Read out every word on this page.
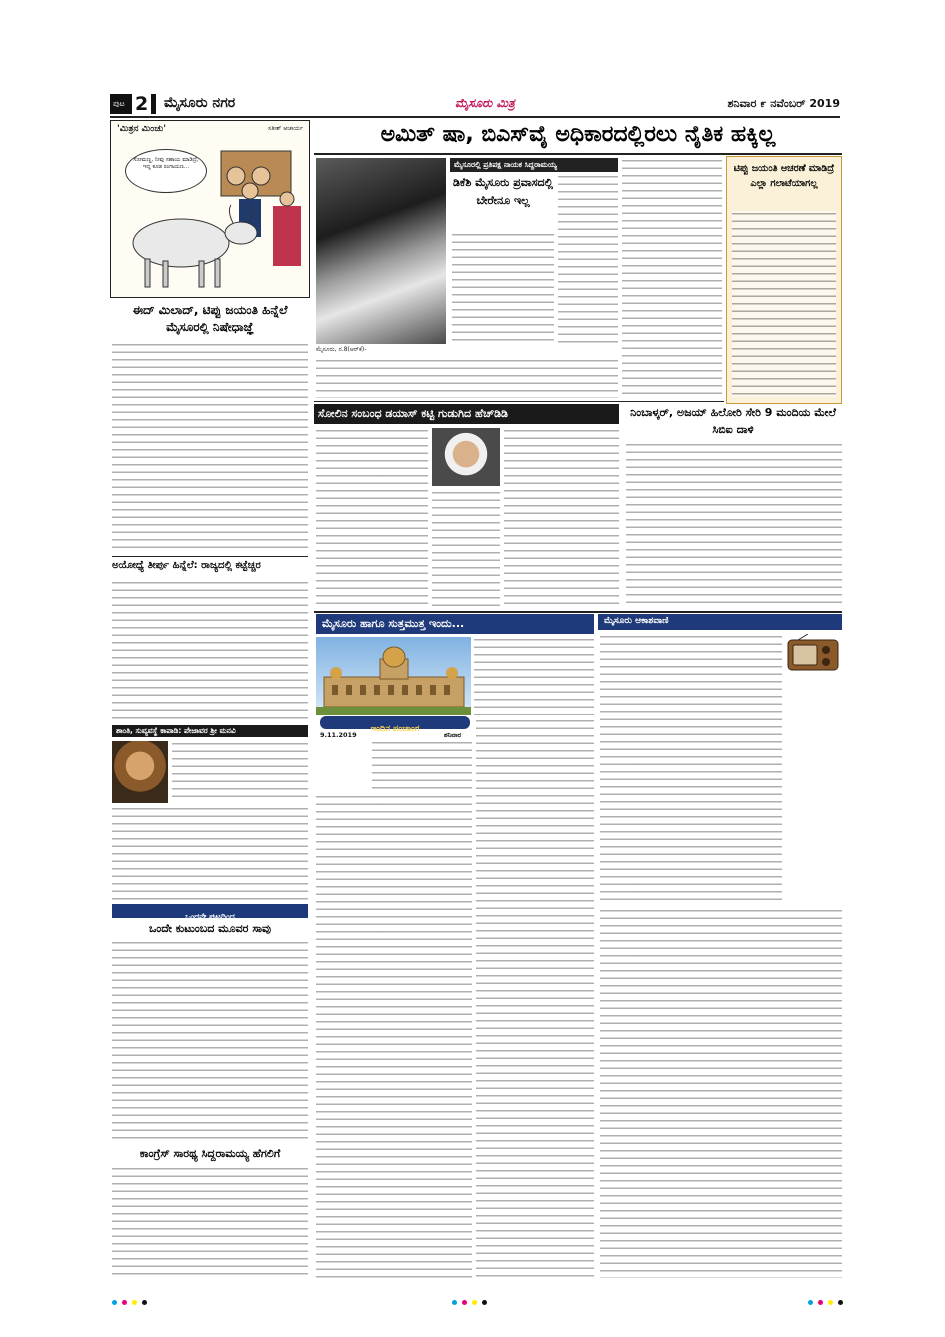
ಪುಟ 2 ಮೈಸೂರು ನಗರ	ಮೈಸೂರು ಮಿತ್ರ	ಶನಿವಾರ ೯ ನವೆಂಬರ್ 2019
'ಮಿತ್ರನ ಮಿಂಚು'	ಸತೀಶ್ ಆಚಾರ್ಯ
ಸೋಮಣ್ಣ, ನೀವು ಸಹಾಯ ಮಾಡಿದ್ರೆ, ಇದ್ನ ಕೂಡ ರಂಗಾಯಣ...
ಈದ್ ಮಿಲಾದ್, ಟಿಪ್ಪು ಜಯಂತಿ ಹಿನ್ನೆಲೆ ಮೈಸೂರಲ್ಲಿ ನಿಷೇಧಾಜ್ಞೆ
ಅಯೋಧ್ಯೆ ತೀರ್ಪು ಹಿನ್ನೆಲೆ: ರಾಜ್ಯದಲ್ಲಿ ಕಟ್ಟೆಚ್ಚರ
ಶಾಂತಿ, ಸುವ್ಯವಸ್ಥೆ ಕಾಪಾಡಿ: ಪೇಜಾವರ ಶ್ರೀ ಮನವಿ
ಒಂದನೇ ಪುಟದಿಂದ
ಒಂದೇ ಕುಟುಂಬದ ಮೂವರ ಸಾವು
ಕಾಂಗ್ರೆಸ್ ಸಾರಥ್ಯ ಸಿದ್ದರಾಮಯ್ಯ ಹೆಗಲಿಗೆ
ಅಮಿತ್ ಷಾ, ಬಿಎಸ್‌ವೈ ಅಧಿಕಾರದಲ್ಲಿರಲು ನೈತಿಕ ಹಕ್ಕಿಲ್ಲ
ಮೈಸೂರು, ನ.8(ಆರ್‌ಕೆ)-
ಮೈಸೂರಲ್ಲಿ ಪ್ರತಿಪಕ್ಷ ನಾಯಕ ಸಿದ್ದರಾಮಯ್ಯ
ಡಿಕೆಶಿ ಮೈಸೂರು ಪ್ರವಾಸದಲ್ಲಿ ಬೇರೇನೂ ಇಲ್ಲ
ಟಿಪ್ಪು ಜಯಂತಿ ಆಚರಣೆ ಮಾಡಿದ್ರೆ ಎಲ್ಲಾ ಗಲಾಟೆಯಾಗಲ್ಲ
ಸೋಲಿನ ಸಂಬಂಧ ಡಯಾಸ್ ಕಟ್ಟಿ ಗುಡುಗಿದ ಹೆಚ್‌ಡಿಡಿ	ನಿಂಬಾಳ್ಕರ್, ಅಜಯ್ ಹಿಲೋರಿ ಸೇರಿ 9 ಮಂದಿಯ ಮೇಲೆ ಸಿಬಿಐ ದಾಳಿ
ಮೈಸೂರು ಹಾಗೂ ಸುತ್ತಮುತ್ತ ಇಂದು...
ಇಂದಿನ ಪಂಚಾಂಗ
9.11.2019	ಶನಿವಾರ
ಮೈಸೂರು ಆಕಾಶವಾಣಿ
